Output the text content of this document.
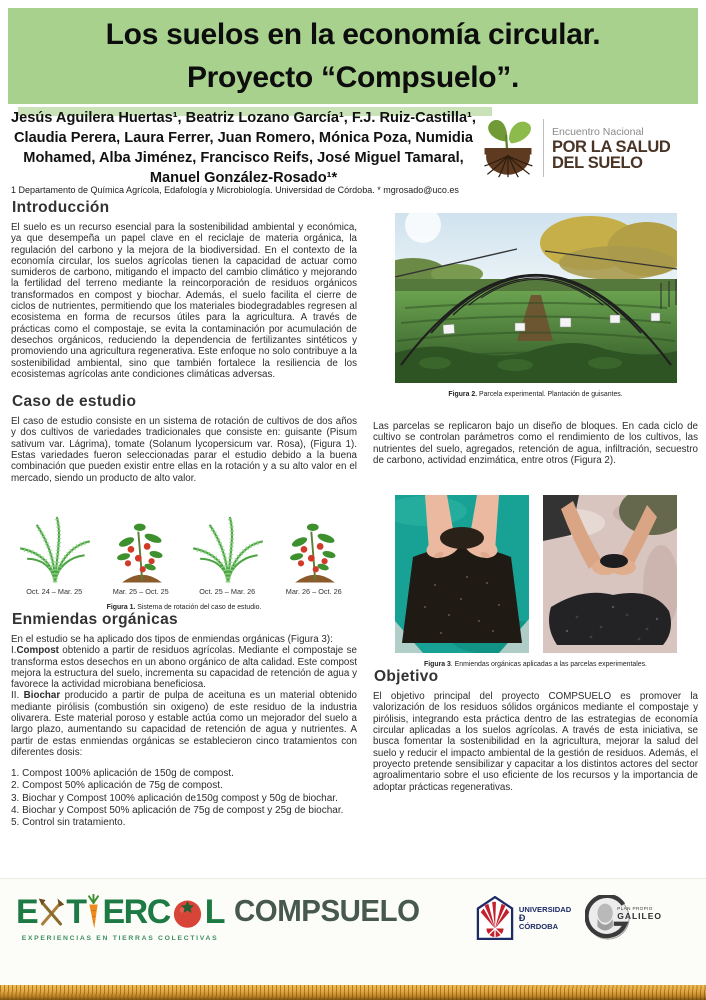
Los suelos en la economía circular.
Proyecto “Compsuelo”.

Jesús Aguilera Huertas¹, Beatriz Lozano García¹, F.J. Ruiz-Castilla¹, Claudia Perera, Laura Ferrer, Juan Romero, Mónica Poza, Numidia Mohamed, Alba Jiménez, Francisco Reifs, José Miguel Tamaral, Manuel González-Rosado¹*

Encuentro Nacional
POR LA SALUD
DEL SUELO
1 Departamento de Química Agrícola, Edafología y Microbiología. Universidad de Córdoba. * mgrosado@uco.es
Introducción

El suelo es un recurso esencial para la sostenibilidad ambiental y económica, ya que desempeña un papel clave en el reciclaje de materia orgánica, la regulación del carbono y la mejora de la biodiversidad. En el contexto de la economía circular, los suelos agrícolas tienen la capacidad de actuar como sumideros de carbono, mitigando el impacto del cambio climático y mejorando la fertilidad del terreno mediante la reincorporación de residuos orgánicos transformados en compost y biochar. Además, el suelo facilita el cierre de ciclos de nutrientes, permitiendo que los materiales biodegradables regresen al ecosistema en forma de recursos útiles para la agricultura. A través de prácticas como el compostaje, se evita la contaminación por acumulación de desechos orgánicos, reduciendo la dependencia de fertilizantes sintéticos y promoviendo una agricultura regenerativa. Este enfoque no solo contribuye a la sostenibilidad ambiental, sino que también fortalece la resiliencia de los ecosistemas agrícolas ante condiciones climáticas adversas.

Caso de estudio

El caso de estudio consiste en un sistema de rotación de cultivos de dos años y dos cultivos de variedades tradicionales que consiste en: guisante (Pisum sativum var. Lágrima), tomate (Solanum lycopersicum var. Rosa), (Figura 1). Estas variedades fueron seleccionadas parar el estudio debido a la buena combinación que pueden existir entre ellas en la rotación y a su alto valor en el mercado, siendo un producto de alto valor.

Oct. 24 – Mar. 25	Mar. 25 – Oct. 25	Oct. 25 – Mar. 26	Mar. 26 – Oct. 26
Figura 1. Sistema de rotación del caso de estudio.
Enmiendas orgánicas
En el estudio se ha aplicado dos tipos de enmiendas orgánicas (Figura 3):
I.Compost obtenido a partir de residuos agrícolas. Mediante el compostaje se transforma estos desechos en un abono orgánico de alta calidad. Este compost mejora la estructura del suelo, incrementa su capacidad de retención de agua y favorece la actividad microbiana beneficiosa.
II. Biochar producido a partir de pulpa de aceituna es un material obtenido mediante pirólisis (combustión sin oxigeno) de este residuo de la industria olivarera. Este material poroso y estable actúa como un mejorador del suelo a largo plazo, aumentando su capacidad de retención de agua y nutrientes. A partir de estas enmiendas orgánicas se establecieron cinco tratamientos con diferentes dosis:
1. Compost 100% aplicación de 150g de compost.
2. Compost 50% aplicación de 75g de compost.
3. Biochar y Compost 100% aplicación de150g compost y 50g de biochar.
4. Biochar y Compost 50% aplicación de 75g de compost y 25g de biochar.
5. Control sin tratamiento.
Figura 2. Parcela experimental. Plantación de guisantes.

Las parcelas se replicaron bajo un diseño de bloques. En cada ciclo de cultivo se controlan parámetros como el rendimiento de los cultivos, las nutrientes del suelo, agregados, retención de agua, infiltración, secuestro de carbono, actividad enzimática, entre otros (Figura 2).

Figura 3. Enmiendas orgánicas aplicadas a las parcelas experimentales.
Objetivo

El objetivo principal del proyecto COMPSUELO es promover la valorización de los residuos sólidos orgánicos mediante el compostaje y pirólisis, integrando esta práctica dentro de las estrategias de economía circular aplicadas a los suelos agrícolas. A través de esta iniciativa, se busca fomentar la sostenibilidad en la agricultura, mejorar la salud del suelo y reducir el impacto ambiental de la gestión de residuos. Además, el proyecto pretende sensibilizar y capacitar a los distintos actores del sector agroalimentario sobre el uso eficiente de los recursos y la importancia de adoptar prácticas regenerativas.

E T ERC L
EXPERIENCIAS EN TIERRAS COLECTIVAS
COMPSUELO	UNIVERSIDAD
Ð
CÓRDOBA
PLAN PROPIO
GALILEO
